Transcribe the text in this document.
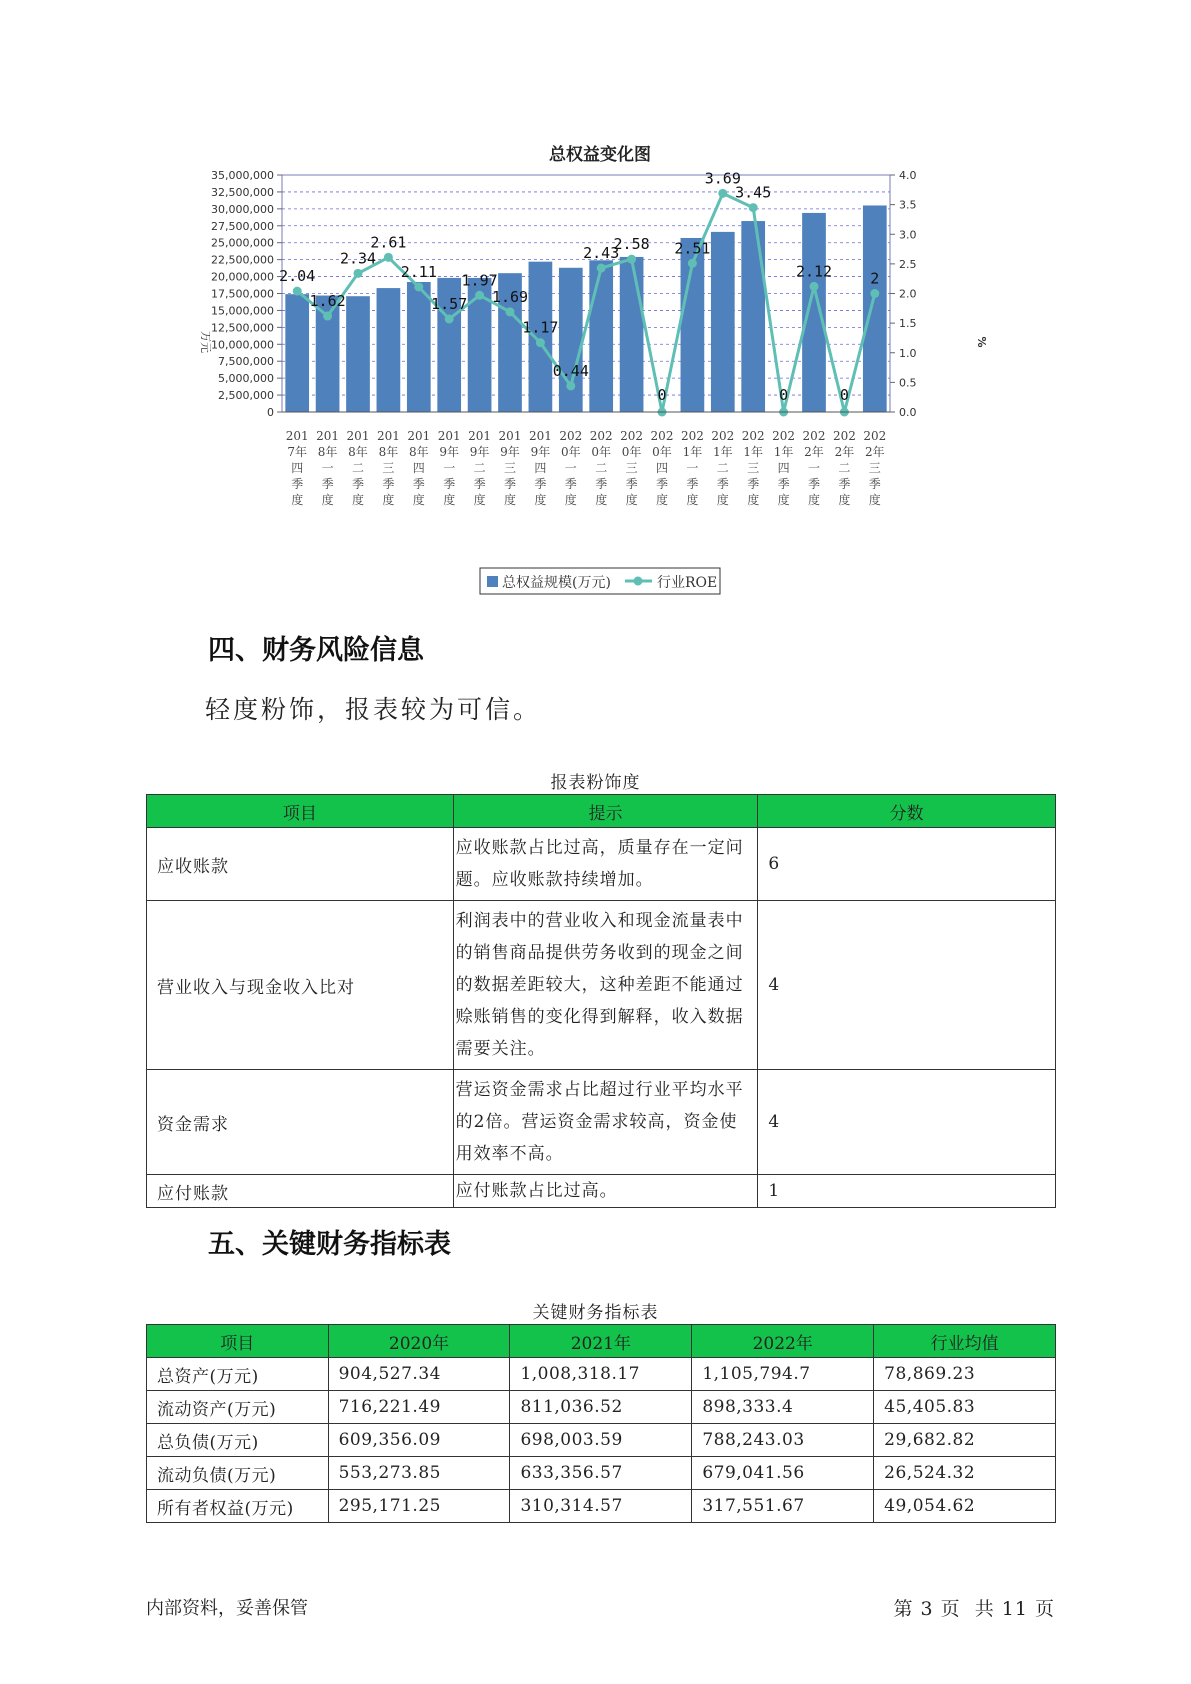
总权益变化图
2.04
1.62
2.34
2.61
2.11
1.57
1.97
1.69
1.17
0.44
2.43
2.58
0
2.51
3.69
3.45
0
2.12
0
2
35,000,000
32,500,000
30,000,000
27,500,000
25,000,000
22,500,000
20,000,000
17,500,000
15,000,000
12,500,000
10,000,000
7,500,000
5,000,000
2,500,000
0
4.0
3.5
3.0
2.5
2.0
1.5
1.0
0.5
0.0
201
7年
四
季
度
201
8年
一
季
度
201
8年
二
季
度
201
8年
三
季
度
201
8年
四
季
度
201
9年
一
季
度
201
9年
二
季
度
201
9年
三
季
度
201
9年
四
季
度
202
0年
一
季
度
202
0年
二
季
度
202
0年
三
季
度
202
0年
四
季
度
202
1年
一
季
度
202
1年
二
季
度
202
1年
三
季
度
202
1年
四
季
度
202
2年
一
季
度
202
2年
二
季
度
202
2年
三
季
度
总权益规模(万元)	行业ROE
万元	%
四、财务风险信息

轻度粉饰，报表较为可信。

报表粉饰度
项目	提示	分数
应收账款	应收账款占比过高，质量存在一定问题。应收账款持续增加。	6
营业收入与现金收入比对	利润表中的营业收入和现金流量表中的销售商品提供劳务收到的现金之间的数据差距较大，这种差距不能通过赊账销售的变化得到解释，收入数据需要关注。	4
资金需求	营运资金需求占比超过行业平均水平的2倍。营运资金需求较高，资金使用效率不高。	4
应付账款	应付账款占比过高。	1
五、关键财务指标表
关键财务指标表
项目	2020年	2021年	2022年	行业均值
总资产(万元)	904,527.34	1,008,318.17	1,105,794.7	78,869.23
流动资产(万元)	716,221.49	811,036.52	898,333.4	45,405.83
总负债(万元)	609,356.09	698,003.59	788,243.03	29,682.82
流动负债(万元)	553,273.85	633,356.57	679,041.56	26,524.32
所有者权益(万元)	295,171.25	310,314.57	317,551.67	49,054.62
内部资料，妥善保管	第 3 页  共 11 页
